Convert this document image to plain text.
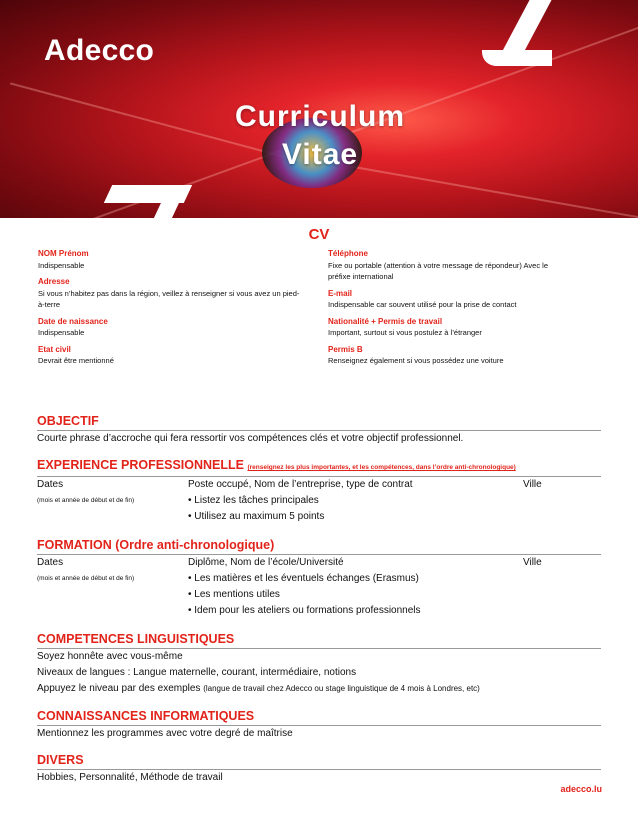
Adecco
Curriculum
Vitae
CV
NOM Prénom
Indispensable
Adresse
Si vous n’habitez pas dans la région, veillez à renseigner si vous avez un pied-à-terre
Date de naissance
Indispensable
Etat civil
Devrait être mentionné
Téléphone
Fixe ou portable (attention à votre message de répondeur) Avec le préfixe international
E-mail
Indispensable car souvent utilisé pour la prise de contact
Nationalité + Permis de travail
Important, surtout si vous postulez à l’étranger
Permis B
Renseignez également si vous possédez une voiture
OBJECTIF
Courte phrase d’accroche qui fera ressortir vos compétences clés et votre objectif professionnel.
EXPERIENCE PROFESSIONNELLE (renseignez les plus importantes, et les compétences, dans l’ordre anti-chronologique)
Dates	Poste occupé, Nom de l’entreprise, type de contrat	Ville
(mois et année de début et de fin)	• Listez les tâches principales
• Utilisez au maximum 5 points
FORMATION (Ordre anti-chronologique)
Dates	Diplôme, Nom de l’école/Université	Ville
(mois et année de début et de fin)	• Les matières et les éventuels échanges (Erasmus)
• Les mentions utiles
• Idem pour les ateliers ou formations professionnels
COMPETENCES LINGUISTIQUES
Soyez honnête avec vous-même
Niveaux de langues : Langue maternelle, courant, intermédiaire, notions
Appuyez le niveau par des exemples (langue de travail chez Adecco ou stage linguistique de 4 mois à Londres, etc)
CONNAISSANCES INFORMATIQUES
Mentionnez les programmes avec votre degré de maîtrise
DIVERS
Hobbies, Personnalité, Méthode de travail
adecco.lu
